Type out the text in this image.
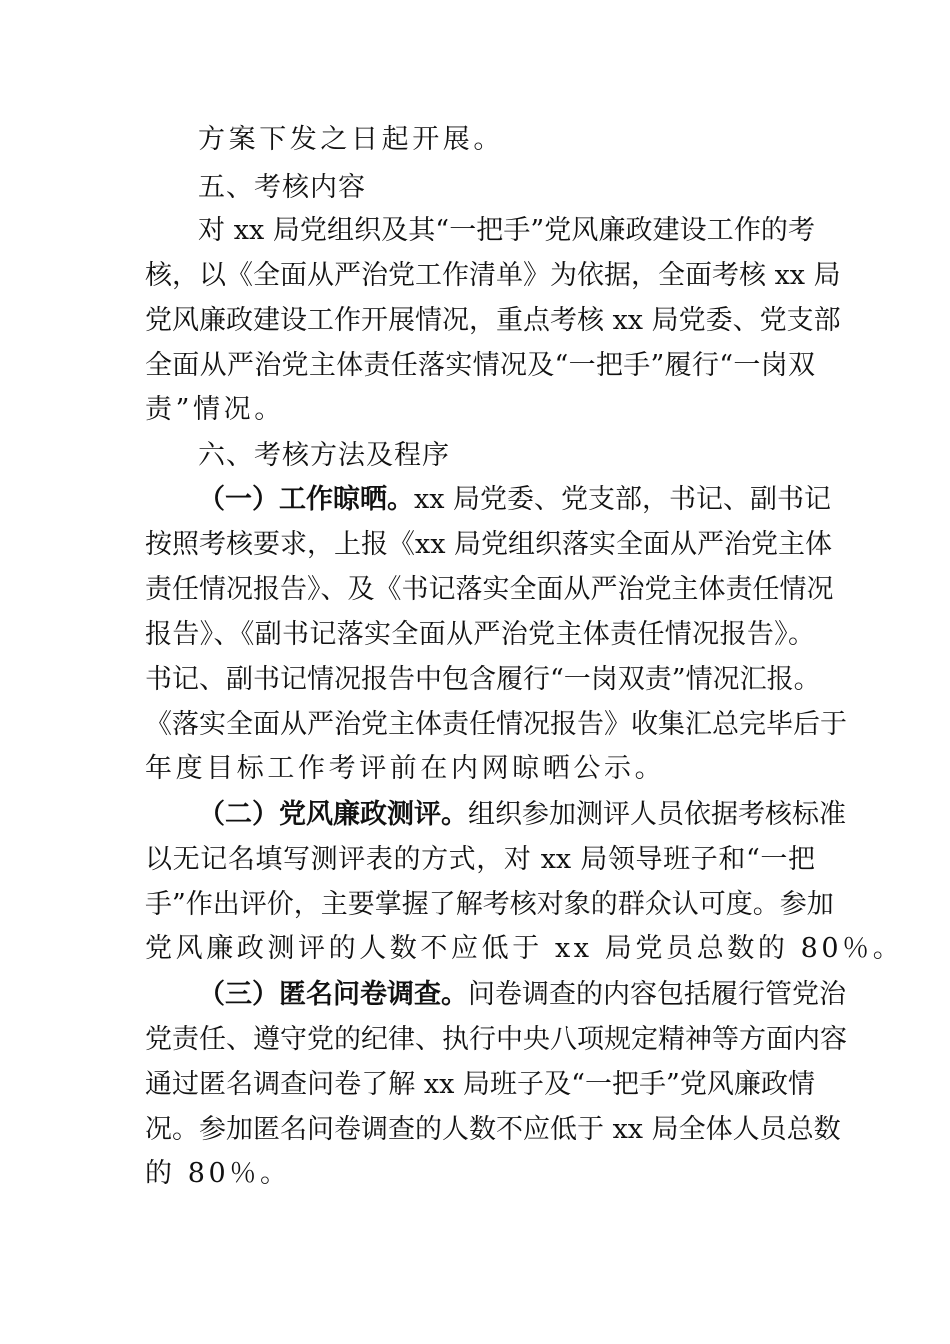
方案下发之日起开展。
五、考核内容
对 xx 局党组织及其“一把手”党风廉政建设工作的考
核，以《全面从严治党工作清单》为依据，全面考核 xx 局
党风廉政建设工作开展情况，重点考核 xx 局党委、党支部
全面从严治党主体责任落实情况及“一把手”履行“一岗双
责”情况。
六、考核方法及程序
（一）工作晾晒。xx 局党委、党支部，书记、副书记
按照考核要求，上报《xx 局党组织落实全面从严治党主体
责任情况报告》、及《书记落实全面从严治党主体责任情况
报告》、《副书记落实全面从严治党主体责任情况报告》。
书记、副书记情况报告中包含履行“一岗双责”情况汇报。
《落实全面从严治党主体责任情况报告》收集汇总完毕后于
年度目标工作考评前在内网晾晒公示。
（二）党风廉政测评。组织参加测评人员依据考核标准
以无记名填写测评表的方式，对 xx 局领导班子和“一把
手”作出评价，主要掌握了解考核对象的群众认可度。参加
党风廉政测评的人数不应低于 xx 局党员总数的 80％。
（三）匿名问卷调查。问卷调查的内容包括履行管党治
党责任、遵守党的纪律、执行中央八项规定精神等方面内容
通过匿名调查问卷了解 xx 局班子及“一把手”党风廉政情
况。参加匿名问卷调查的人数不应低于 xx 局全体人员总数
的 80％。
